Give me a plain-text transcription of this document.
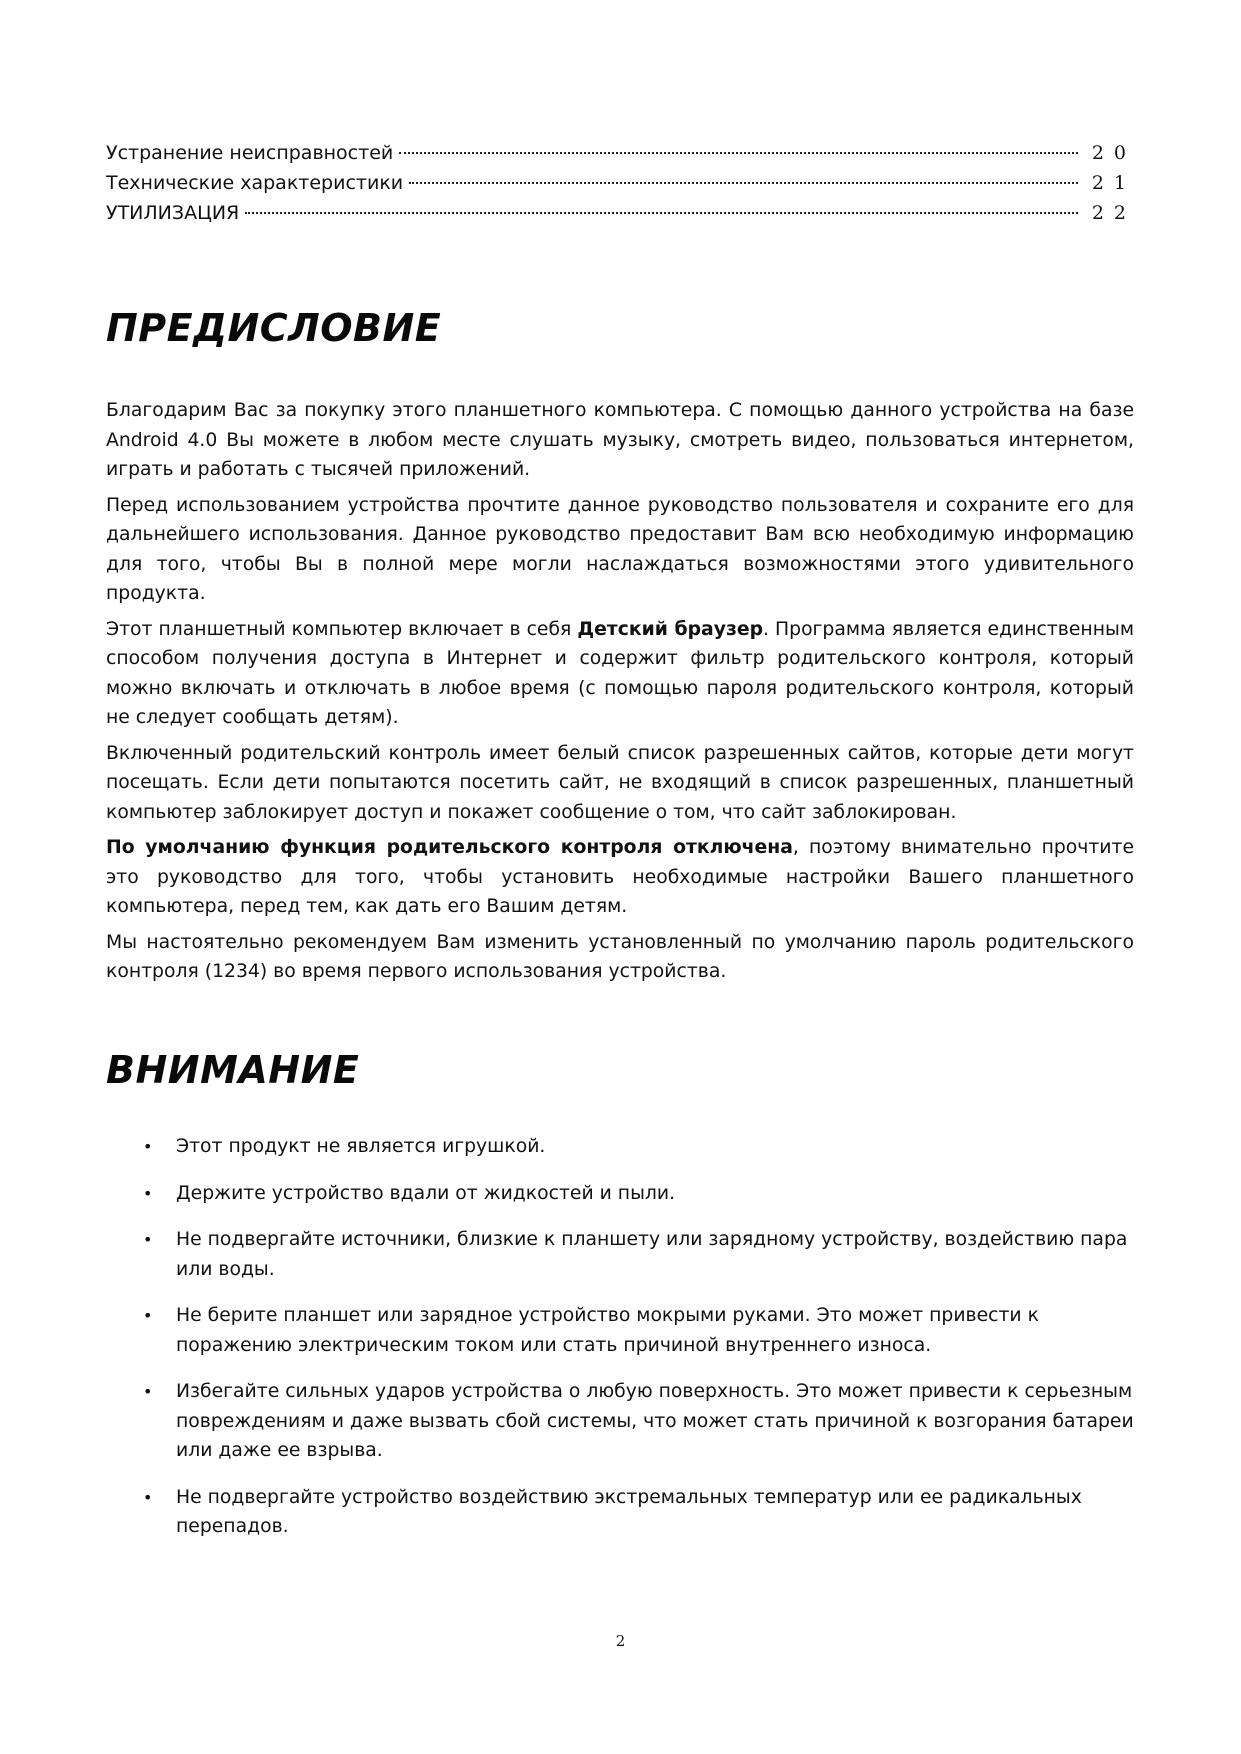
Устранение неисправностей	20
Технические характеристики	21
УТИЛИЗАЦИЯ	22
ПРЕДИСЛОВИЕ

Благодарим Вас за покупку этого планшетного компьютера. С помощью данного устройства на базе Android 4.0 Вы можете в любом месте слушать музыку, смотреть видео, пользоваться интернетом, играть и работать с тысячей приложений.

Перед использованием устройства прочтите данное руководство пользователя и сохраните его для дальнейшего использования. Данное руководство предоставит Вам всю необходимую информацию для того, чтобы Вы в полной мере могли наслаждаться возможностями этого удивительного продукта.

Этот планшетный компьютер включает в себя Детский браузер. Программа является единственным способом получения доступа в Интернет и содержит фильтр родительского контроля, который можно включать и отключать в любое время (с помощью пароля родительского контроля, который не следует сообщать детям).

Включенный родительский контроль имеет белый список разрешенных сайтов, которые дети могут посещать. Если дети попытаются посетить сайт, не входящий в список разрешенных, планшетный компьютер заблокирует доступ и покажет сообщение о том, что сайт заблокирован.

По умолчанию функция родительского контроля отключена, поэтому внимательно прочтите это руководство для того, чтобы установить необходимые настройки Вашего планшетного компьютера, перед тем, как дать его Вашим детям.

Мы настоятельно рекомендуем Вам изменить установленный по умолчанию пароль родительского контроля (1234) во время первого использования устройства.

ВНИМАНИЕ
• Этот продукт не является игрушкой.
• Держите устройство вдали от жидкостей и пыли.
• Не подвергайте источники, близкие к планшету или зарядному устройству, воздействию пара или воды.
• Не берите планшет или зарядное устройство мокрыми руками. Это может привести к поражению электрическим током или стать причиной внутреннего износа.
• Избегайте сильных ударов устройства о любую поверхность. Это может привести к серьезным повреждениям и даже вызвать сбой системы, что может стать причиной к возгорания батареи или даже ее взрыва.
• Не подвергайте устройство воздействию экстремальных температур или ее радикальных перепадов.
2
